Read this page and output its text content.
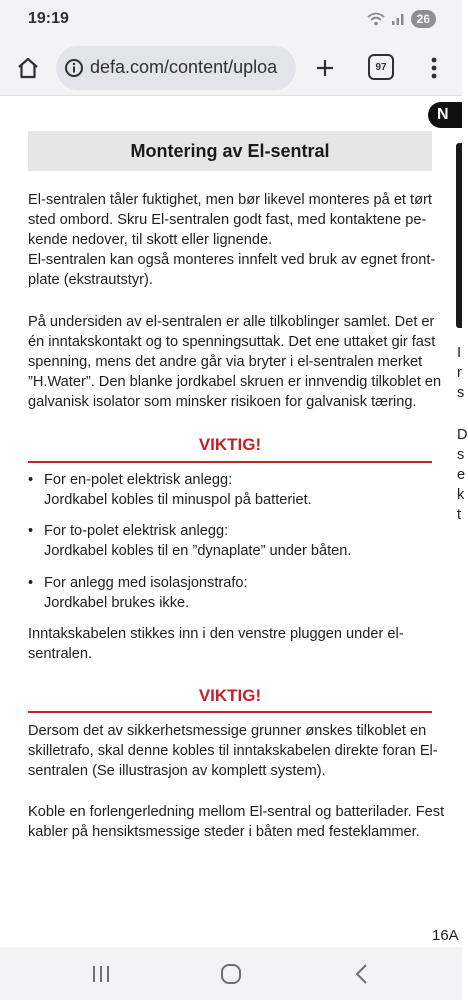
19:19	26
defa.com/content/uploa	97
Montering av El-sentral
El-sentralen tåler fuktighet, men bør likevel monteres på et tørt
sted ombord. Skru El-sentralen godt fast, med kontaktene pe-
kende nedover, til skott eller lignende.
El-sentralen kan også monteres innfelt ved bruk av egnet front-
plate (ekstrautstyr).
På undersiden av el-sentralen er alle tilkoblinger samlet. Det er
én inntakskontakt og to spenningsuttak. Det ene uttaket gir fast
spenning, mens det andre går via bryter i el-sentralen merket
”H.Water”. Den blanke jordkabel skruen er innvendig tilkoblet en
galvanisk isolator som minsker risikoen for galvanisk tæring.
VIKTIG!
• For en-polet elektrisk anlegg:
Jordkabel kobles til minuspol på batteriet.
• For to-polet elektrisk anlegg:
Jordkabel kobles til en ”dynaplate” under båten.
• For anlegg med isolasjonstrafo:
Jordkabel brukes ikke.
Inntakskabelen stikkes inn i den venstre pluggen under el-
sentralen.
VIKTIG!
Dersom det av sikkerhetsmessige grunner ønskes tilkoblet en
skilletrafo, skal denne kobles til inntakskabelen direkte foran El-
sentralen (Se illustrasjon av komplett system).
Koble en forlengerledning mellom El-sentral og batterilader. Fest
kabler på hensiktsmessige steder i båten med festeklammer.
N
I
r
s
D
s
e
k
t
16A
